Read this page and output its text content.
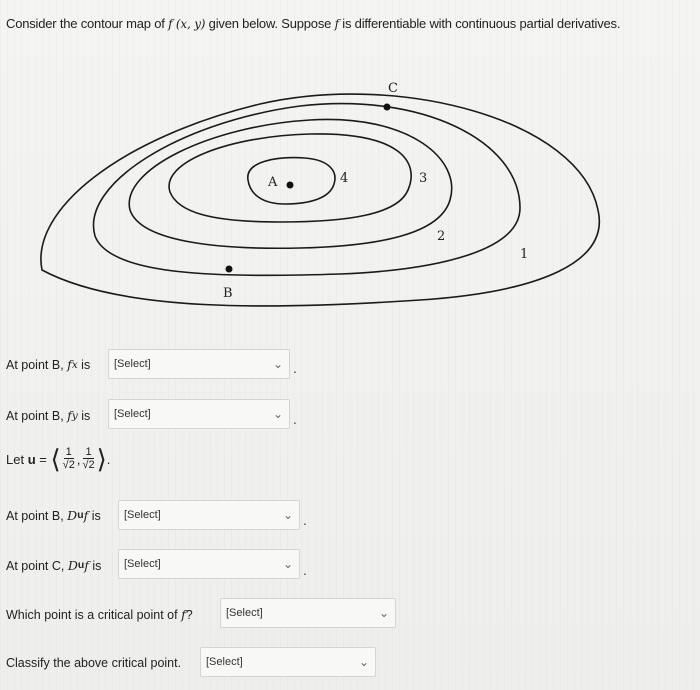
Consider the contour map of f (x, y) given below. Suppose f is differentiable with continuous partial derivatives.
4	3
2
1
A
B
C
At point B,
f x
is [Select]	⌄ .
At point B,
f y
is [Select]	⌄ .
Let
u
=
⟨ $\frac{1}{√2}$ , $\frac{1}{√2}$ ⟩ .
At point B,
D u f
is [Select]	⌄ .
At point C,
D u f
is [Select]	⌄ .
Which point is a critical point of
f ?	[Select]	⌄
Classify the above critical point. [Select]	⌄
